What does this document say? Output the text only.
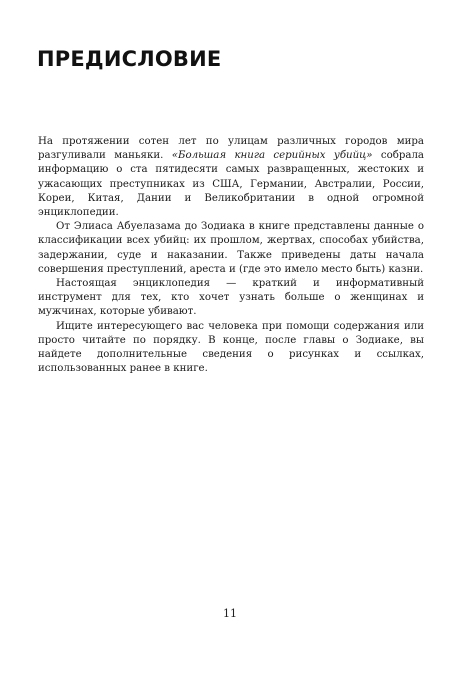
ПРЕДИСЛОВИЕ

На протяжении сотен лет по улицам различных городов мира разгуливали маньяки. «Большая книга серийных убийц» собрала информацию о ста пятидесяти самых развращенных, жестоких и ужасающих преступниках из США, Германии, Австралии, России, Кореи, Китая, Дании и Великобритании в одной огромной энциклопедии.

От Элиаса Абуелазама до Зодиака в книге представлены данные о классификации всех убийц: их прошлом, жертвах, способах убийства, задержании, суде и наказании. Также приведены даты начала совершения преступлений, ареста и (где это имело место быть) казни.

Настоящая энциклопедия — краткий и информативный инструмент для тех, кто хочет узнать больше о женщинах и мужчинах, которые убивают.

Ищите интересующего вас человека при помощи содержания или просто читайте по порядку. В конце, после главы о Зодиаке, вы найдете дополнительные сведения о рисунках и ссылках, использованных ранее в книге.

11
